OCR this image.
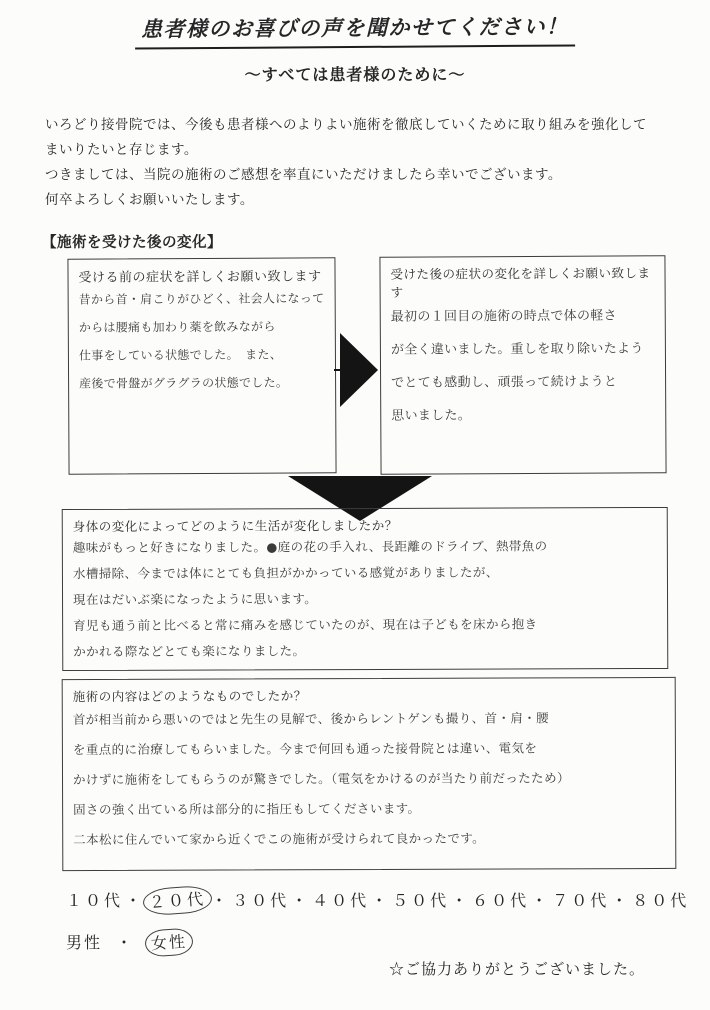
患者様のお喜びの声を聞かせてください！
～すべては患者様のために～
いろどり接骨院では、今後も患者様へのよりよい施術を徹底していくために取り組みを強化して
まいりたいと存じます。
つきましては、当院の施術のご感想を率直にいただけましたら幸いでございます。
何卒よろしくお願いいたします。
【施術を受けた後の変化】
受ける前の症状を詳しくお願い致します
昔から首・肩こりがひどく、社会人になって
からは腰痛も加わり薬を飲みながら
仕事をしている状態でした。　また、
産後で骨盤がグラグラの状態でした。
受けた後の症状の変化を詳しくお願い致します
最初の１回目の施術の時点で体の軽さ
が全く違いました。重しを取り除いたよう
でとても感動し、頑張って続けようと
思いました。
身体の変化によってどのように生活が変化しましたか？
趣味がもっと好きになりました。●庭の花の手入れ、長距離のドライブ、熱帯魚の
水槽掃除、今までは体にとても負担がかかっている感覚がありましたが、
現在はだいぶ楽になったように思います。
育児も通う前と比べると常に痛みを感じていたのが、現在は子どもを床から抱き
かかれる際などとても楽になりました。
施術の内容はどのようなものでしたか？
首が相当前から悪いのではと先生の見解で、後からレントゲンも撮り、首・肩・腰
を重点的に治療してもらいました。今まで何回も通った接骨院とは違い、電気を
かけずに施術をしてもらうのが驚きでした。（電気をかけるのが当たり前だったため）
固さの強く出ている所は部分的に指圧もしてくださいます。
二本松に住んでいて家から近くでこの施術が受けられて良かったです。
１０代 ・ ２０代 ・ ３０代 ・ ４０代 ・ ５０代 ・ ６０代 ・ ７０代 ・ ８０代
男性 ・ 女性
☆ご協力ありがとうございました。
